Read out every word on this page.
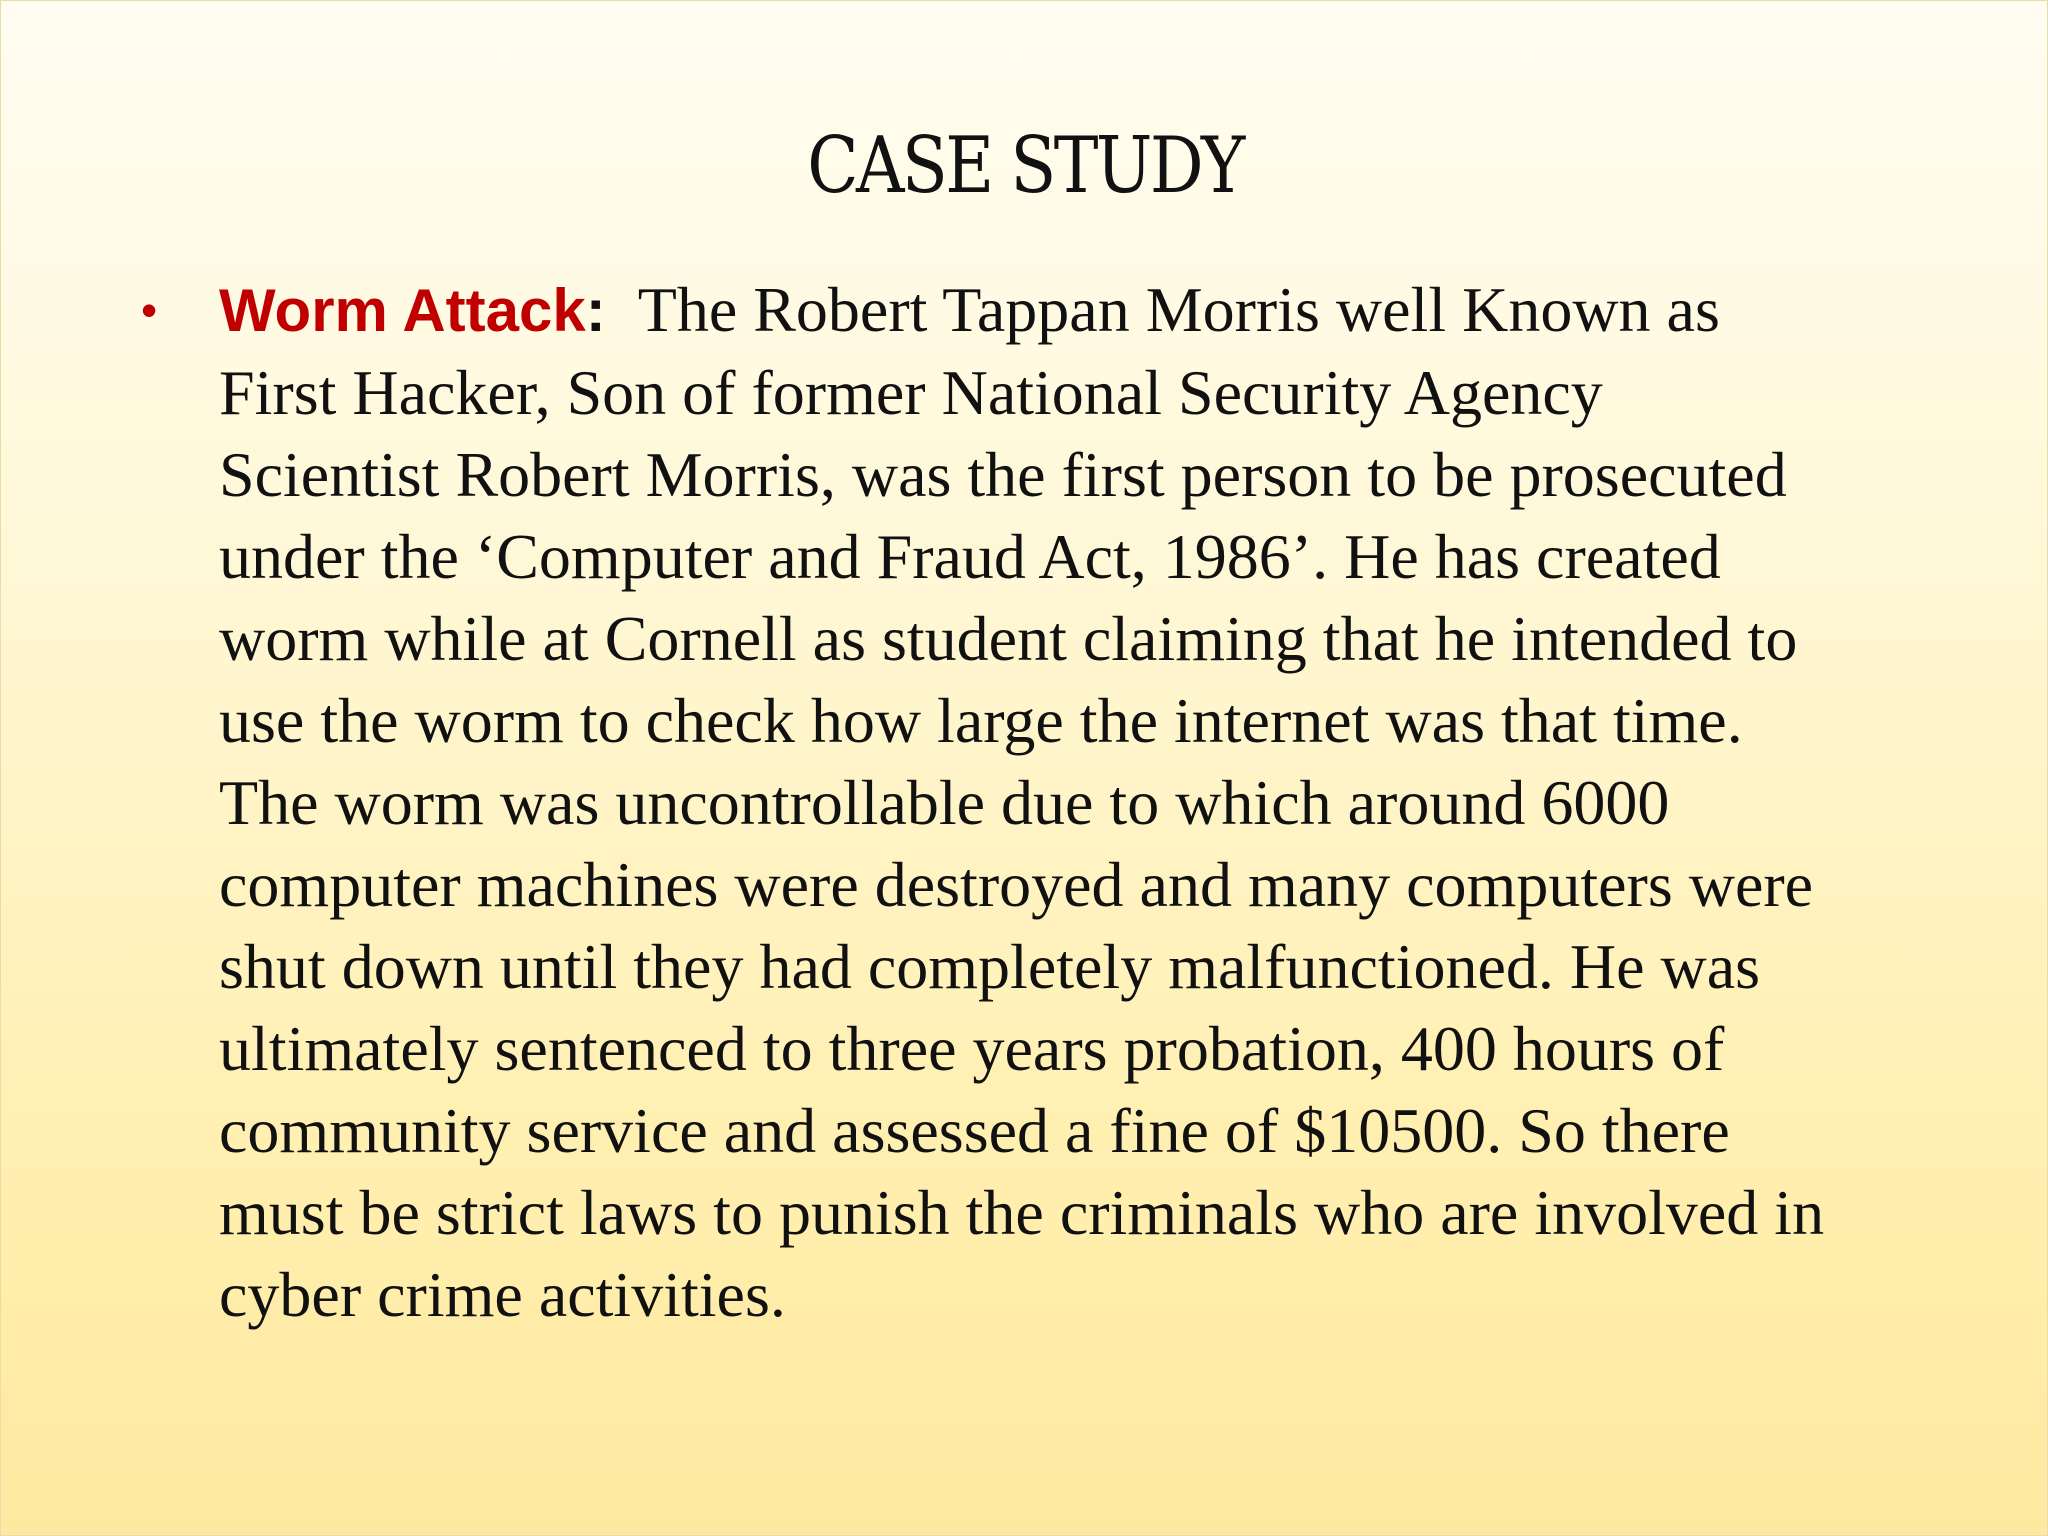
CASE STUDY
•	Worm Attack: The Robert Tappan Morris well Known as
First Hacker, Son of former National Security Agency
Scientist Robert Morris, was the first person to be prosecuted
under the ‘Computer and Fraud Act, 1986’. He has created
worm while at Cornell as student claiming that he intended to
use the worm to check how large the internet was that time.
The worm was uncontrollable due to which around 6000
computer machines were destroyed and many computers were
shut down until they had completely malfunctioned. He was
ultimately sentenced to three years probation, 400 hours of
community service and assessed a fine of $10500. So there
must be strict laws to punish the criminals who are involved in
cyber crime activities.
